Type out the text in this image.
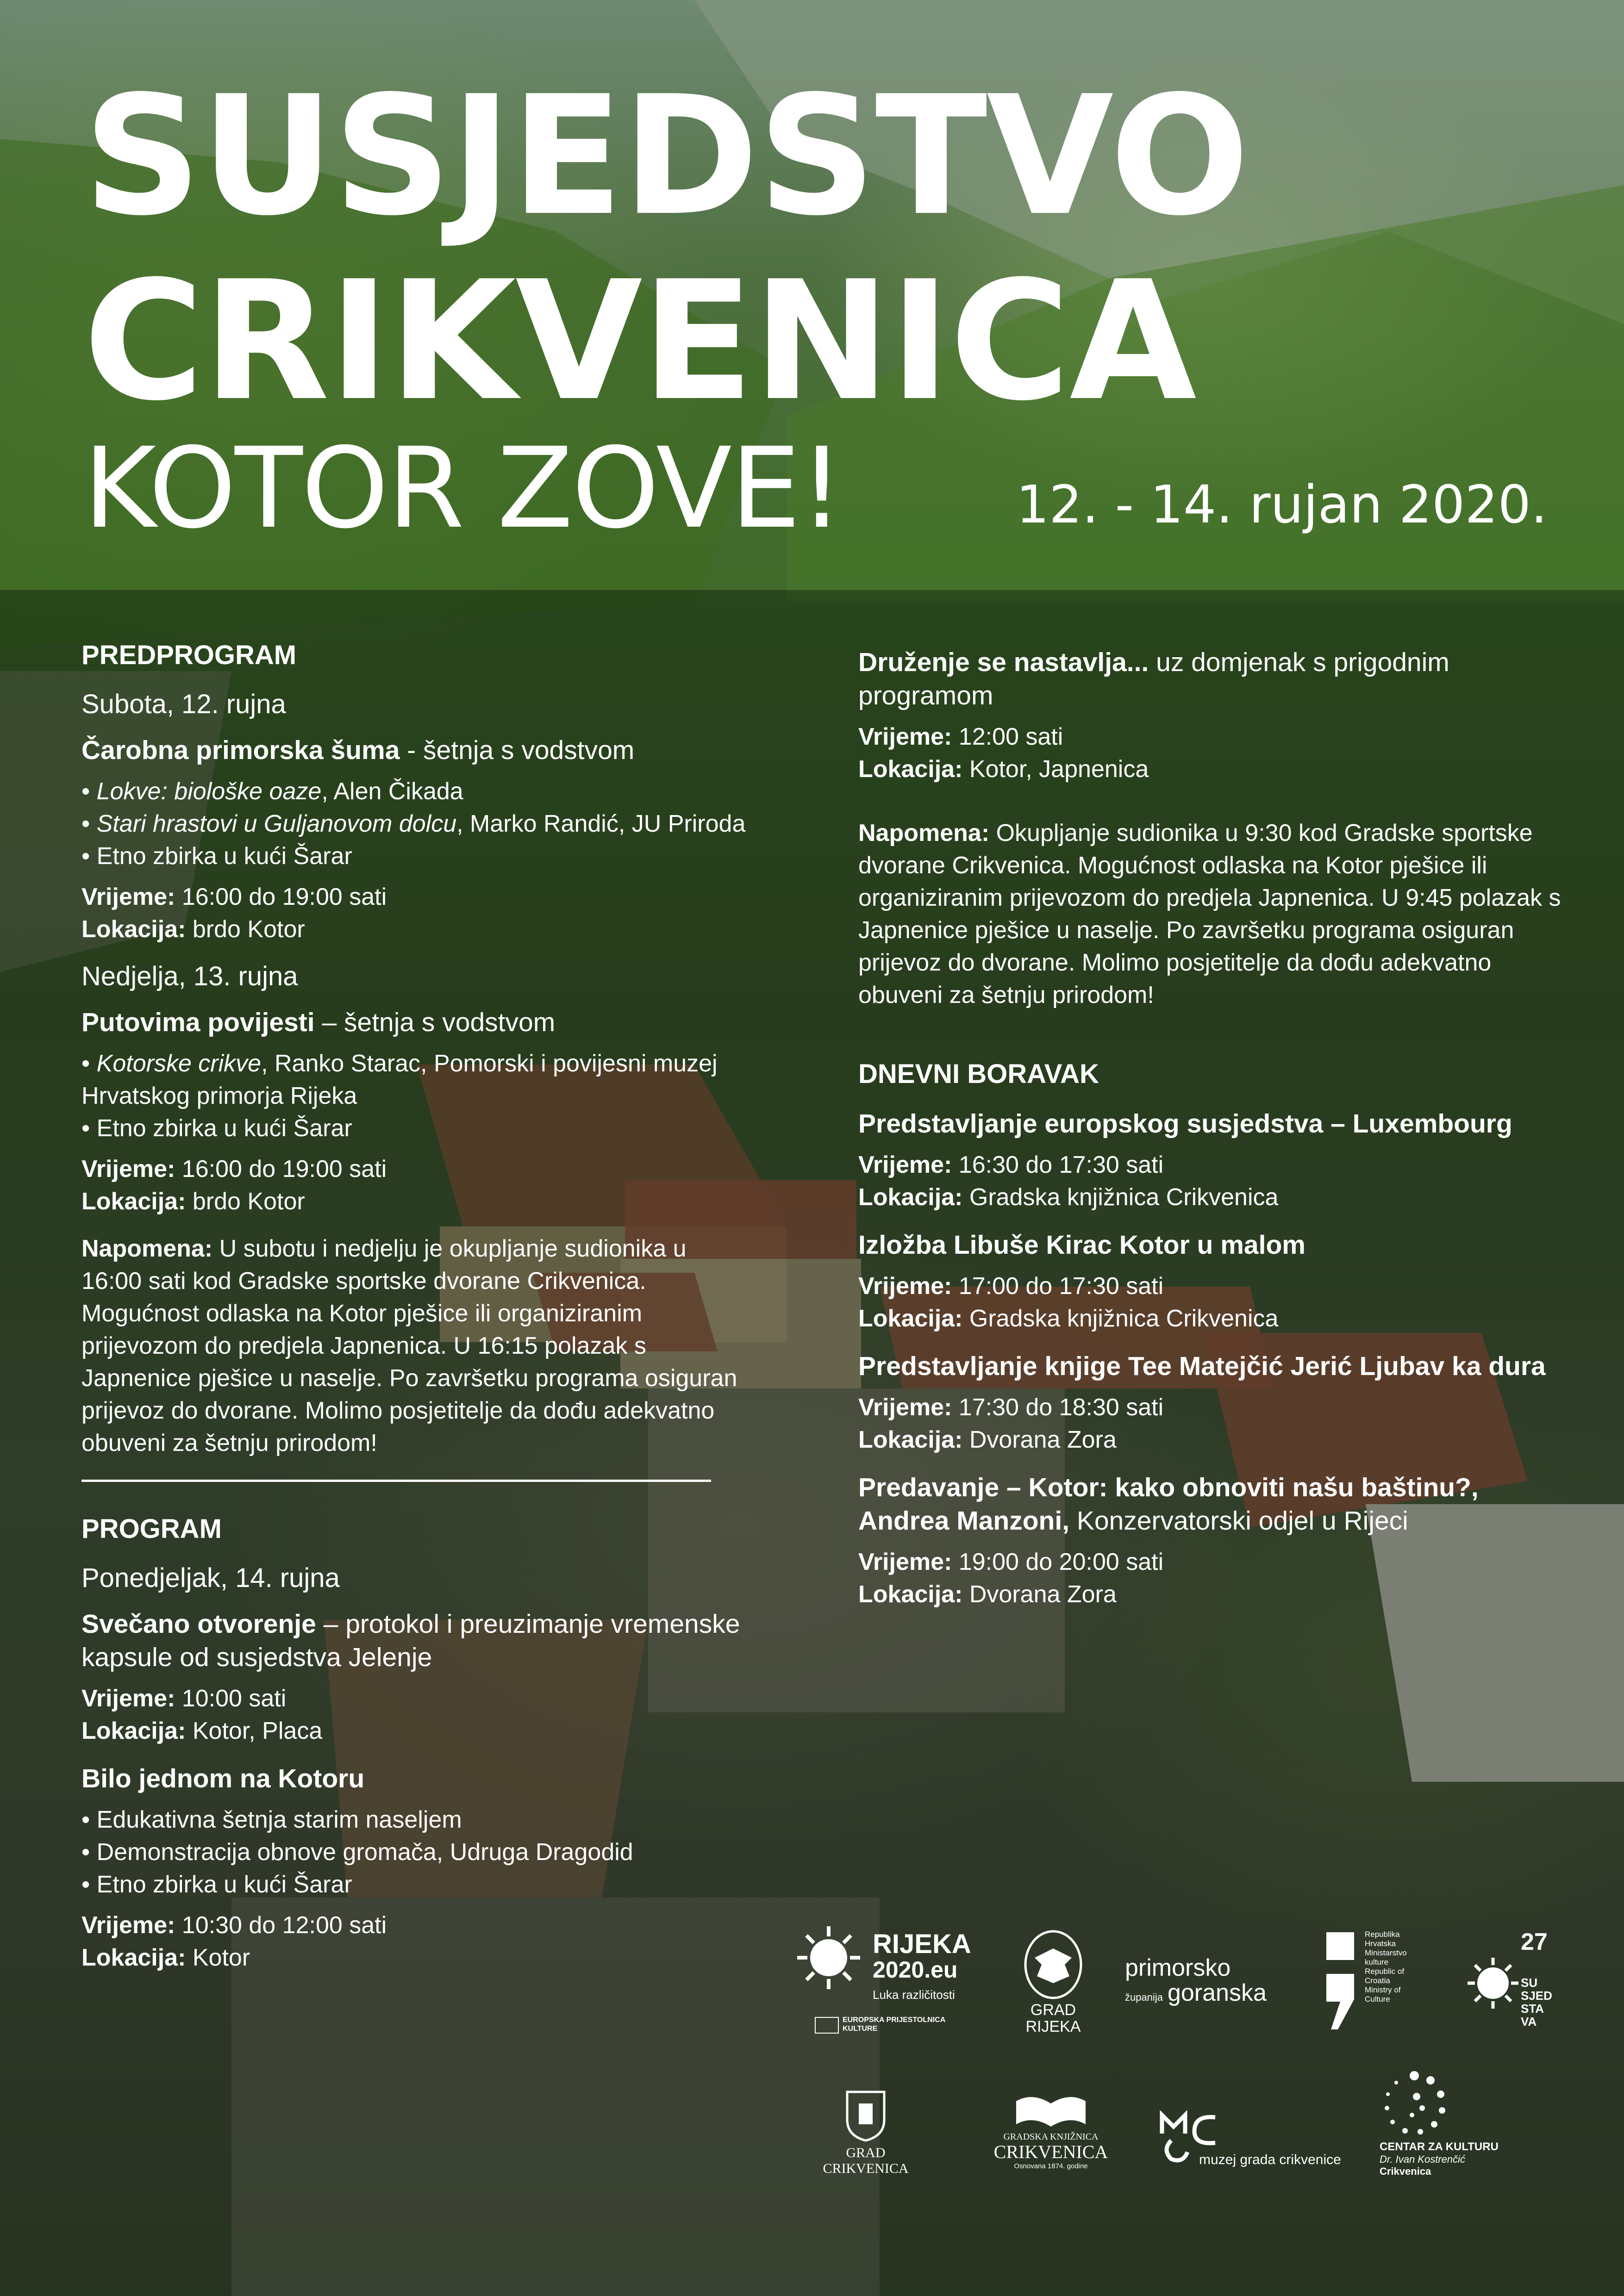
SUSJEDSTVO
CRIKVENICA
KOTOR ZOVE!	12. - 14. rujan 2020.
PREDPROGRAM
Subota, 12. rujna
Čarobna primorska šuma - šetnja s vodstvom
• Lokve: biološke oaze, Alen Čikada
• Stari hrastovi u Guljanovom dolcu, Marko Randić, JU Priroda
• Etno zbirka u kući Šarar
Vrijeme: 16:00 do 19:00 sati
Lokacija: brdo Kotor
Nedjelja, 13. rujna
Putovima povijesti – šetnja s vodstvom
• Kotorske crikve, Ranko Starac, Pomorski i povijesni muzej Hrvatskog primorja Rijeka
• Etno zbirka u kući Šarar
Vrijeme: 16:00 do 19:00 sati
Lokacija: brdo Kotor
Napomena: U subotu i nedjelju je okupljanje sudionika u 16:00 sati kod Gradske sportske dvorane Crikvenica. Mogućnost odlaska na Kotor pješice ili organiziranim prijevozom do predjela Japnenica. U 16:15 polazak s Japnenice pješice u naselje. Po završetku programa osiguran prijevoz do dvorane. Molimo posjetitelje da dođu adekvatno obuveni za šetnju prirodom!
PROGRAM
Ponedjeljak, 14. rujna
Svečano otvorenje – protokol i preuzimanje vremenske kapsule od susjedstva Jelenje
Vrijeme: 10:00 sati
Lokacija: Kotor, Placa
Bilo jednom na Kotoru
• Edukativna šetnja starim naseljem
• Demonstracija obnove gromača, Udruga Dragodid
• Etno zbirka u kući Šarar
Vrijeme: 10:30 do 12:00 sati
Lokacija: Kotor
Druženje se nastavlja... uz domjenak s prigodnim programom
Vrijeme: 12:00 sati
Lokacija: Kotor, Japnenica
Napomena: Okupljanje sudionika u 9:30 kod Gradske sportske dvorane Crikvenica. Mogućnost odlaska na Kotor pješice ili organiziranim prijevozom do predjela Japnenica. U 9:45 polazak s Japnenice pješice u naselje. Po završetku programa osiguran prijevoz do dvorane. Molimo posjetitelje da dođu adekvatno obuveni za šetnju prirodom!
DNEVNI BORAVAK
Predstavljanje europskog susjedstva – Luxembourg
Vrijeme: 16:30 do 17:30 sati
Lokacija: Gradska knjižnica Crikvenica
Izložba Libuše Kirac Kotor u malom
Vrijeme: 17:00 do 17:30 sati
Lokacija: Gradska knjižnica Crikvenica
Predstavljanje knjige Tee Matejčić Jerić Ljubav ka dura
Vrijeme: 17:30 do 18:30 sati
Lokacija: Dvorana Zora
Predavanje – Kotor: kako obnoviti našu baštinu?, Andrea Manzoni, Konzervatorski odjel u Rijeci
Vrijeme: 19:00 do 20:00 sati
Lokacija: Dvorana Zora
RIJEKA
2020.eu
Luka različitosti
EUROPSKA PRIJESTOLNICA KULTURE
GRAD
RIJEKA
primorsko
županija goranska
Republika Hrvatska Ministarstvo kulture Republic of Croatia Ministry of Culture
27
SU SJED STA VA
GRAD
CRIKVENICA
GRADSKA KNJIŽNICA
CRIKVENICA
Osnovana 1874. godine	muzej grada crikvenice
CENTAR ZA KULTURU
Dr. Ivan Kostrenčić
Crikvenica
